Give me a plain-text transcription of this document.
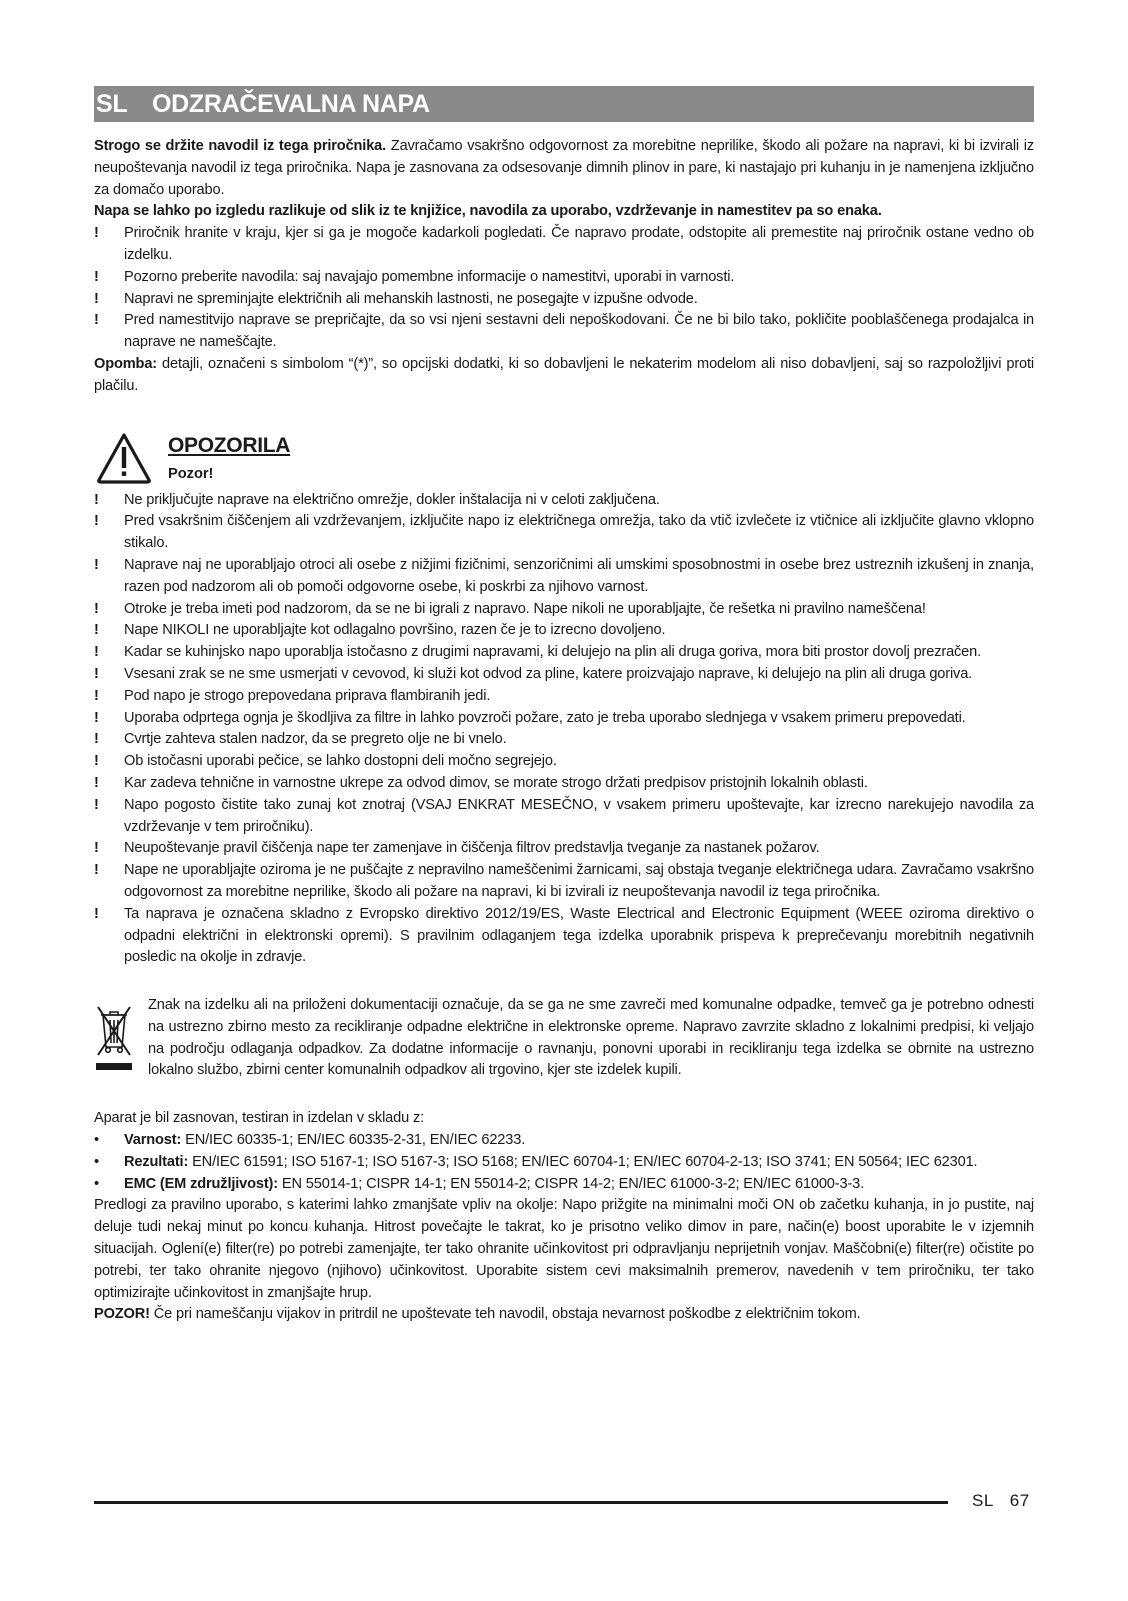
SL ODZRAČEVALNA NAPA

Strogo se držite navodil iz tega priročnika. Zavračamo vsakršno odgovornost za morebitne neprilike, škodo ali požare na napravi, ki bi izvirali iz neupoštevanja navodil iz tega priročnika. Napa je zasnovana za odsesovanje dimnih plinov in pare, ki nastajajo pri kuhanju in je namenjena izključno za domačo uporabo.

Napa se lahko po izgledu razlikuje od slik iz te knjižice, navodila za uporabo, vzdrževanje in namestitev pa so enaka.

! Priročnik hranite v kraju, kjer si ga je mogoče kadarkoli pogledati. Če napravo prodate, odstopite ali premestite naj priročnik ostane vedno ob izdelku.
! Pozorno preberite navodila: saj navajajo pomembne informacije o namestitvi, uporabi in varnosti.
! Napravi ne spreminjajte električnih ali mehanskih lastnosti, ne posegajte v izpušne odvode.
! Pred namestitvijo naprave se prepričajte, da so vsi njeni sestavni deli nepoškodovani. Če ne bi bilo tako, pokličite pooblaščenega prodajalca in naprave ne nameščajte.

Opomba: detajli, označeni s simbolom “(*)”, so opcijski dodatki, ki so dobavljeni le nekaterim modelom ali niso dobavljeni, saj so razpoložljivi proti plačilu.

OPOZORILA
Pozor!
! Ne priključujte naprave na električno omrežje, dokler inštalacija ni v celoti zaključena.
! Pred vsakršnim čiščenjem ali vzdrževanjem, izključite napo iz električnega omrežja, tako da vtič izvlečete iz vtičnice ali izključite glavno vklopno stikalo.
! Naprave naj ne uporabljajo otroci ali osebe z nižjimi fizičnimi, senzoričnimi ali umskimi sposobnostmi in osebe brez ustreznih izkušenj in znanja, razen pod nadzorom ali ob pomoči odgovorne osebe, ki poskrbi za njihovo varnost.
! Otroke je treba imeti pod nadzorom, da se ne bi igrali z napravo. Nape nikoli ne uporabljajte, če rešetka ni pravilno nameščena!
! Nape NIKOLI ne uporabljajte kot odlagalno površino, razen če je to izrecno dovoljeno.
! Kadar se kuhinjsko napo uporablja istočasno z drugimi napravami, ki delujejo na plin ali druga goriva, mora biti prostor dovolj prezračen.
! Vsesani zrak se ne sme usmerjati v cevovod, ki služi kot odvod za pline, katere proizvajajo naprave, ki delujejo na plin ali druga goriva.
! Pod napo je strogo prepovedana priprava flambiranih jedi.
! Uporaba odprtega ognja je škodljiva za filtre in lahko povzroči požare, zato je treba uporabo slednjega v vsakem primeru prepovedati.
! Cvrtje zahteva stalen nadzor, da se pregreto olje ne bi vnelo.
! Ob istočasni uporabi pečice, se lahko dostopni deli močno segrejejo.
! Kar zadeva tehnične in varnostne ukrepe za odvod dimov, se morate strogo držati predpisov pristojnih lokalnih oblasti.
! Napo pogosto čistite tako zunaj kot znotraj (VSAJ ENKRAT MESEČNO, v vsakem primeru upoštevajte, kar izrecno narekujejo navodila za vzdrževanje v tem priročniku).
! Neupoštevanje pravil čiščenja nape ter zamenjave in čiščenja filtrov predstavlja tveganje za nastanek požarov.
! Nape ne uporabljajte oziroma je ne puščajte z nepravilno nameščenimi žarnicami, saj obstaja tveganje električnega udara. Zavračamo vsakršno odgovornost za morebitne neprilike, škodo ali požare na napravi, ki bi izvirali iz neupoštevanja navodil iz tega priročnika.
! Ta naprava je označena skladno z Evropsko direktivo 2012/19/ES, Waste Electrical and Electronic Equipment (WEEE oziroma direktivo o odpadni električni in elektronski opremi). S pravilnim odlaganjem tega izdelka uporabnik prispeva k preprečevanju morebitnih negativnih posledic na okolje in zdravje.

Znak na izdelku ali na priloženi dokumentaciji označuje, da se ga ne sme zavreči med komunalne odpadke, temveč ga je potrebno odnesti na ustrezno zbirno mesto za recikliranje odpadne električne in elektronske opreme. Napravo zavrzite skladno z lokalnimi predpisi, ki veljajo na področju odlaganja odpadkov. Za dodatne informacije o ravnanju, ponovni uporabi in recikliranju tega izdelka se obrnite na ustrezno lokalno službo, zbirni center komunalnih odpadkov ali trgovino, kjer ste izdelek kupili.

Aparat je bil zasnovan, testiran in izdelan v skladu z:

• Varnost: EN/IEC 60335-1; EN/IEC 60335-2-31, EN/IEC 62233.
• Rezultati: EN/IEC 61591; ISO 5167-1; ISO 5167-3; ISO 5168; EN/IEC 60704-1; EN/IEC 60704-2-13; ISO 3741; EN 50564; IEC 62301.
• EMC (EM združljivost): EN 55014-1; CISPR 14-1; EN 55014-2; CISPR 14-2; EN/IEC 61000-3-2; EN/IEC 61000-3-3.

Predlogi za pravilno uporabo, s katerimi lahko zmanjšate vpliv na okolje: Napo prižgite na minimalni moči ON ob začetku kuhanja, in jo pustite, naj deluje tudi nekaj minut po koncu kuhanja. Hitrost povečajte le takrat, ko je prisotno veliko dimov in pare, način(e) boost uporabite le v izjemnih situacijah. Oglení(e) filter(re) po potrebi zamenjajte, ter tako ohranite učinkovitost pri odpravljanju neprijetnih vonjav. Maščobni(e) filter(re) očistite po potrebi, ter tako ohranite njegovo (njihovo) učinkovitost. Uporabite sistem cevi maksimalnih premerov, navedenih v tem priročniku, ter tako optimizirajte učinkovitost in zmanjšajte hrup.

POZOR! Če pri nameščanju vijakov in pritrdil ne upoštevate teh navodil, obstaja nevarnost poškodbe z električnim tokom.

SL 67
